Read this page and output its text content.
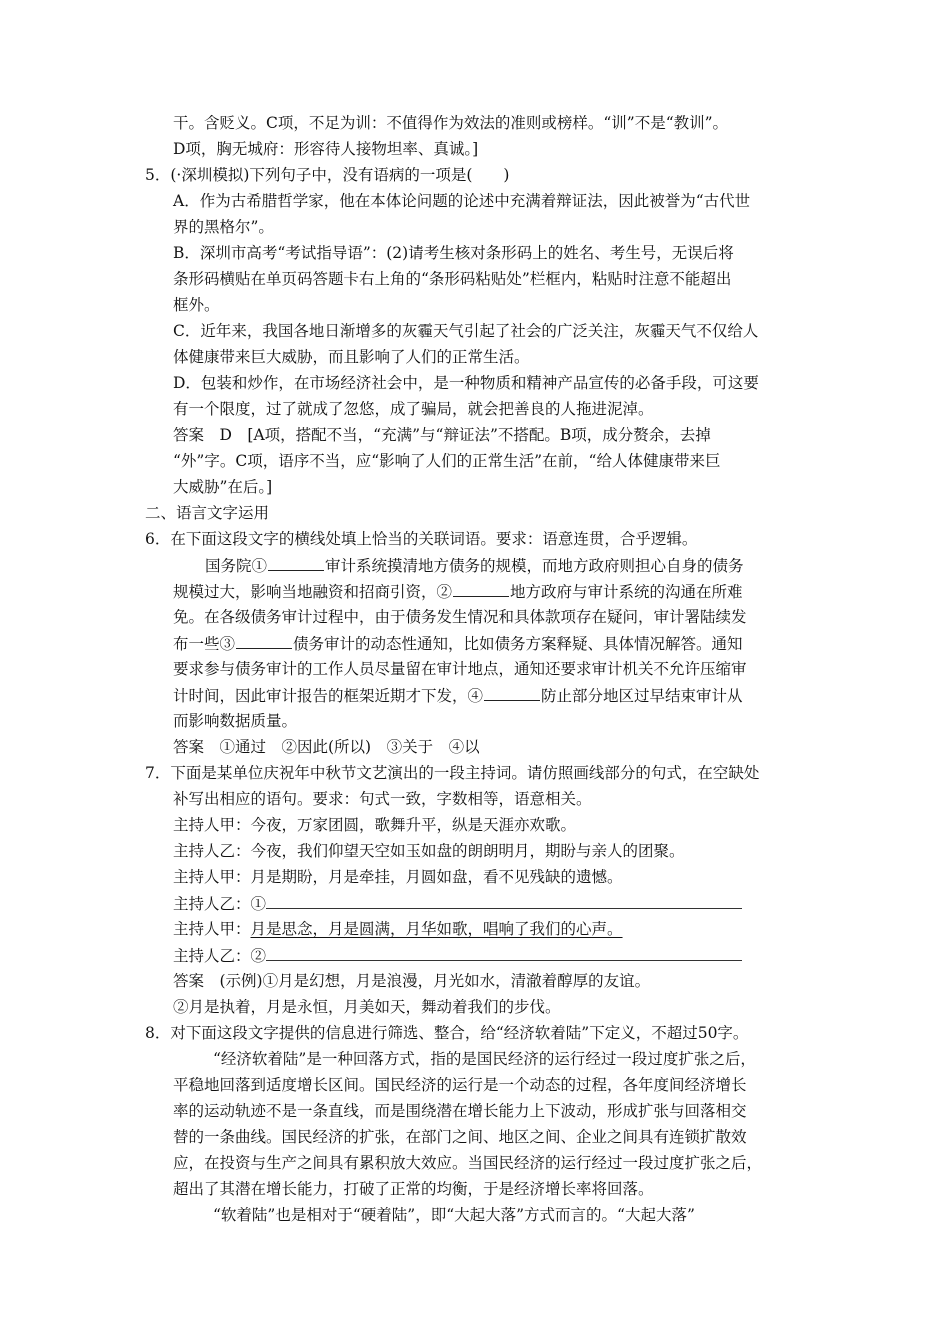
干。含贬义。C项，不足为训：不值得作为效法的准则或榜样。“训”不是“教训”。
D项，胸无城府：形容待人接物坦率、真诚。]
5．(·深圳模拟)下列句子中，没有语病的一项是(　　)
A．作为古希腊哲学家，他在本体论问题的论述中充满着辩证法，因此被誉为“古代世
界的黑格尔”。
B．深圳市高考“考试指导语”：(2)请考生核对条形码上的姓名、考生号，无误后将
条形码横贴在单页码答题卡右上角的“条形码粘贴处”栏框内，粘贴时注意不能超出
框外。
C．近年来，我国各地日渐增多的灰霾天气引起了社会的广泛关注，灰霾天气不仅给人
体健康带来巨大威胁，而且影响了人们的正常生活。
D．包装和炒作，在市场经济社会中，是一种物质和精神产品宣传的必备手段，可这要
有一个限度，过了就成了忽悠，成了骗局，就会把善良的人拖进泥淖。
答案　D　[A项，搭配不当，“充满”与“辩证法”不搭配。B项，成分赘余，去掉
“外”字。C项，语序不当，应“影响了人们的正常生活”在前，“给人体健康带来巨
大威胁”在后。]
二、语言文字运用
6．在下面这段文字的横线处填上恰当的关联词语。要求：语意连贯，合乎逻辑。
国务院①	审计系统摸清地方债务的规模，而地方政府则担心自身的债务
规模过大，影响当地融资和招商引资，②	地方政府与审计系统的沟通在所难
免。在各级债务审计过程中，由于债务发生情况和具体款项存在疑问，审计署陆续发
布一些③	债务审计的动态性通知，比如债务方案释疑、具体情况解答。通知
要求参与债务审计的工作人员尽量留在审计地点，通知还要求审计机关不允许压缩审
计时间，因此审计报告的框架近期才下发，④	防止部分地区过早结束审计从
而影响数据质量。
答案　①通过　②因此(所以)　③关于　④以
7．下面是某单位庆祝年中秋节文艺演出的一段主持词。请仿照画线部分的句式，在空缺处
补写出相应的语句。要求：句式一致，字数相等，语意相关。
主持人甲：今夜，万家团圆，歌舞升平，纵是天涯亦欢歌。
主持人乙：今夜，我们仰望天空如玉如盘的朗朗明月，期盼与亲人的团聚。
主持人甲：月是期盼，月是牵挂，月圆如盘，看不见残缺的遗憾。
主持人乙：①
主持人甲：月是思念，月是圆满，月华如歌，唱响了我们的心声。
主持人乙：②
答案　(示例)①月是幻想，月是浪漫，月光如水，清澈着醇厚的友谊。
②月是执着，月是永恒，月美如天，舞动着我们的步伐。
8．对下面这段文字提供的信息进行筛选、整合，给“经济软着陆”下定义，不超过50字。
“经济软着陆”是一种回落方式，指的是国民经济的运行经过一段过度扩张之后，
平稳地回落到适度增长区间。国民经济的运行是一个动态的过程，各年度间经济增长
率的运动轨迹不是一条直线，而是围绕潜在增长能力上下波动，形成扩张与回落相交
替的一条曲线。国民经济的扩张，在部门之间、地区之间、企业之间具有连锁扩散效
应，在投资与生产之间具有累积放大效应。当国民经济的运行经过一段过度扩张之后，
超出了其潜在增长能力，打破了正常的均衡，于是经济增长率将回落。
“软着陆”也是相对于“硬着陆”，即“大起大落”方式而言的。“大起大落”
